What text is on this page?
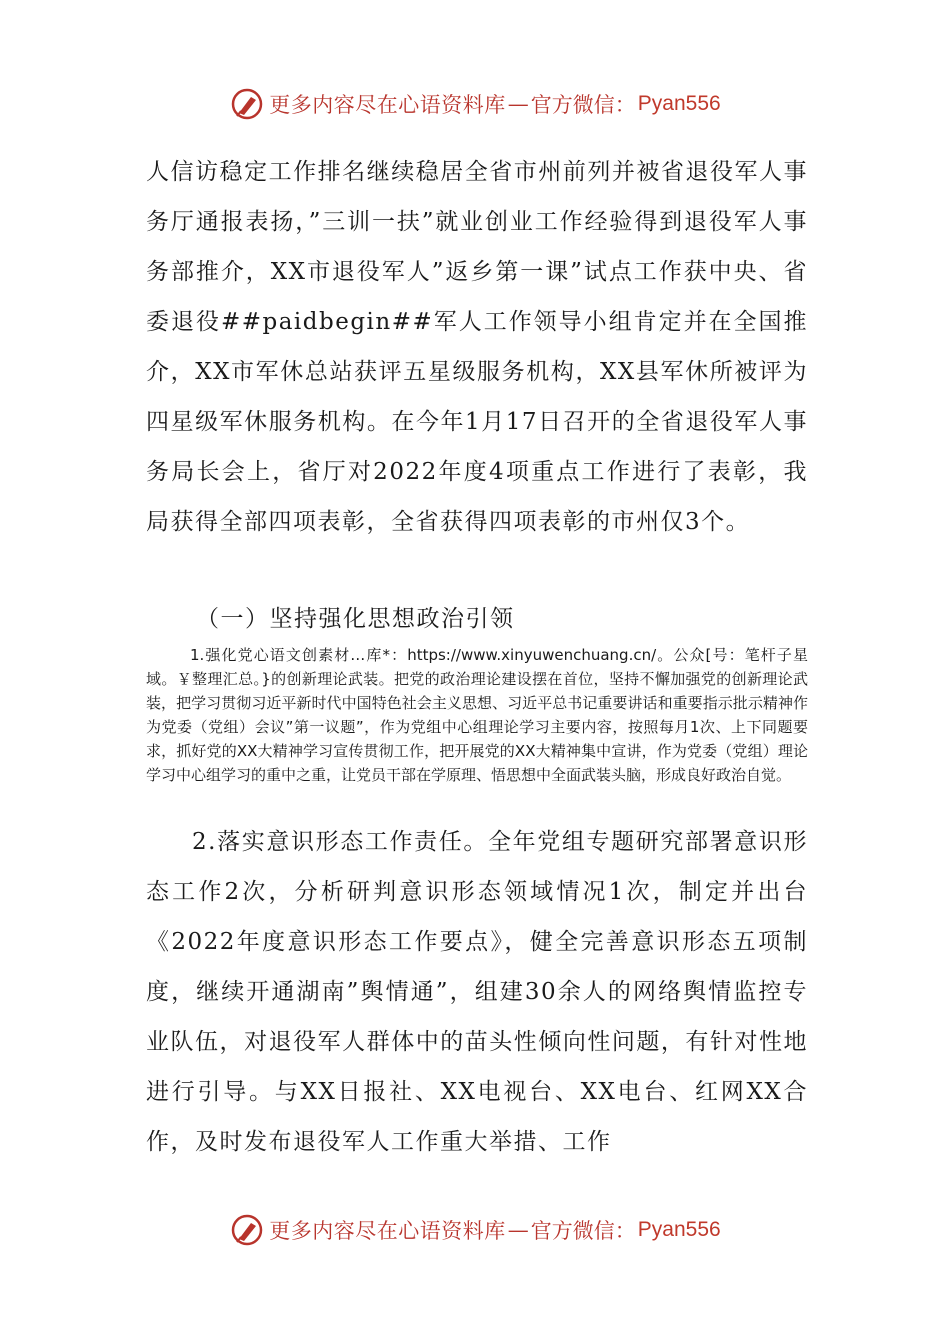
更多内容尽在心语资料库 — 官方微信： Pyan556

人信访稳定工作排名继续稳居全省市州前列并被省退役军人事务厅通报表扬，”三训一扶”就业创业工作经验得到退役军人事务部推介，XX市退役军人”返乡第一课”试点工作获中央、省委退役##paidbegin##军人工作领导小组肯定并在全国推介，XX市军休总站获评五星级服务机构，XX县军休所被评为四星级军休服务机构。在今年1月17日召开的全省退役军人事务局长会上，省厅对2022年度4项重点工作进行了表彰，我局获得全部四项表彰，全省获得四项表彰的市州仅3个。

（一）坚持强化思想政治引领

1.强化党心语文创素材…库*：https://www.xinyuwenchuang.cn/。公众[号：笔杆子星域。￥整理汇总。}的创新理论武装。把党的政治理论建设摆在首位，坚持不懈加强党的创新理论武装，把学习贯彻习近平新时代中国特色社会主义思想、习近平总书记重要讲话和重要指示批示精神作为党委（党组）会议”第一议题”，作为党组中心组理论学习主要内容，按照每月1次、上下同题要求，抓好党的XX大精神学习宣传贯彻工作，把开展党的XX大精神集中宣讲，作为党委（党组）理论学习中心组学习的重中之重，让党员干部在学原理、悟思想中全面武装头脑，形成良好政治自觉。

2.落实意识形态工作责任。全年党组专题研究部署意识形态工作2次，分析研判意识形态领域情况1次，制定并出台《2022年度意识形态工作要点》，健全完善意识形态五项制度，继续开通湖南”舆情通”，组建30余人的网络舆情监控专业队伍，对退役军人群体中的苗头性倾向性问题，有针对性地进行引导。与XX日报社、XX电视台、XX电台、红网XX合作，及时发布退役军人工作重大举措、工作

更多内容尽在心语资料库 — 官方微信： Pyan556
